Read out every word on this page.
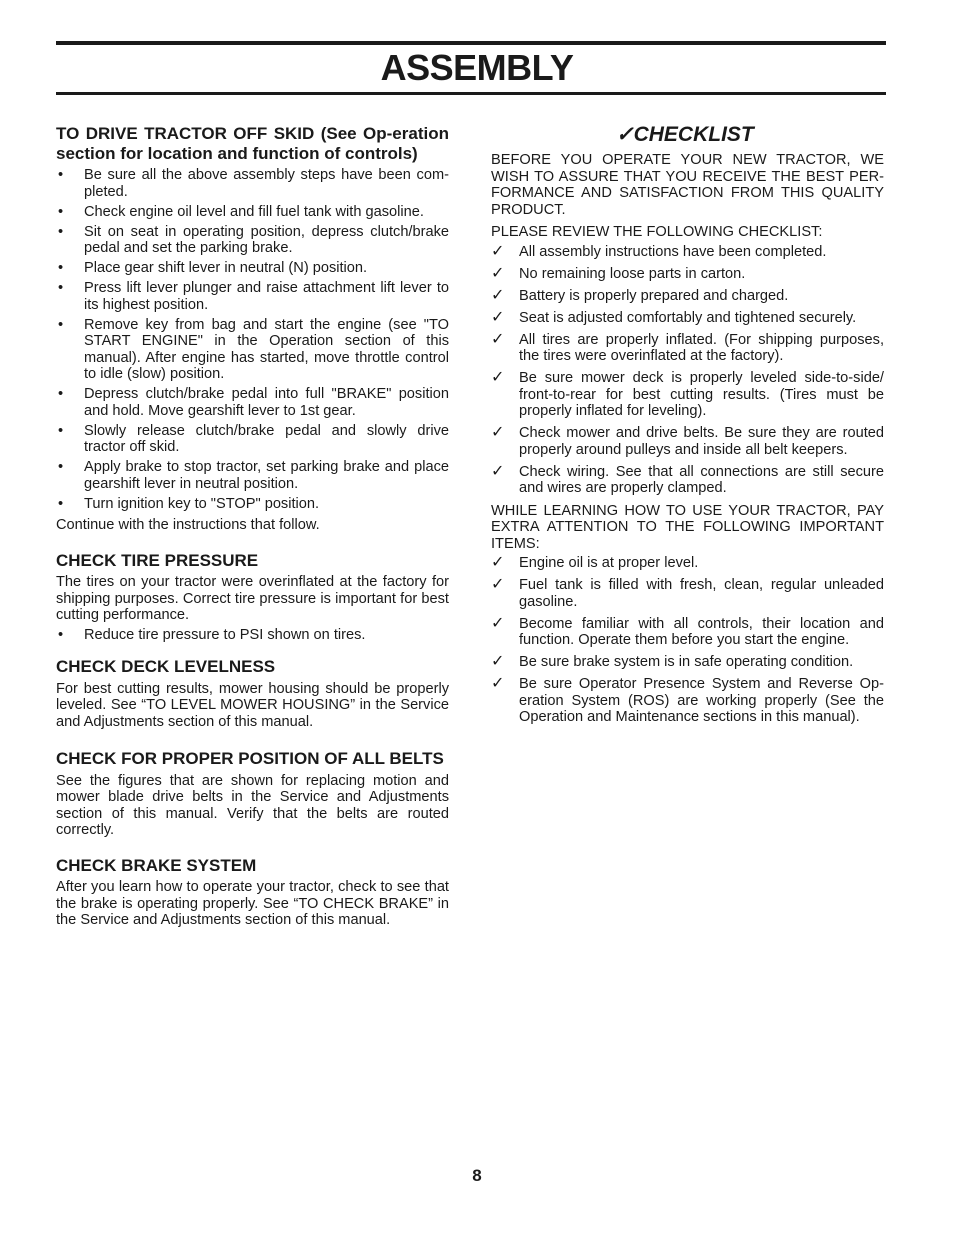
ASSEMBLY
TO DRIVE TRACTOR OFF SKID (See Op-eration section for location and function of controls)
• Be sure all the above assembly steps have been com-pleted.
• Check engine oil level and fill fuel tank with gasoline.
• Sit on seat in operating position, depress clutch/brake pedal and set the parking brake.
• Place gear shift lever in neutral (N) position.
• Press lift lever plunger and raise attachment lift lever to its highest position.
• Remove key from bag and start the engine (see "TO START ENGINE" in the Operation section of this manual). After engine has started, move throttle control to idle (slow) position.
• Depress clutch/brake pedal into full "BRAKE" position and hold. Move gearshift lever to 1st gear.
• Slowly release clutch/brake pedal and slowly drive tractor off skid.
• Apply brake to stop tractor, set parking brake and place gearshift lever in neutral position.
• Turn ignition key to "STOP" position.

Continue with the instructions that follow.

CHECK TIRE PRESSURE

The tires on your tractor were overinflated at the factory for shipping purposes. Correct tire pressure is important for best cutting performance.

• Reduce tire pressure to PSI shown on tires.
CHECK DECK LEVELNESS

For best cutting results, mower housing should be properly leveled. See “TO LEVEL MOWER HOUSING” in the Service and Adjustments section of this manual.

CHECK FOR PROPER POSITION OF ALL BELTS

See the figures that are shown for replacing motion and mower blade drive belts in the Service and Adjustments section of this manual. Verify that the belts are routed correctly.

CHECK BRAKE SYSTEM

After you learn how to operate your tractor, check to see that the brake is operating properly. See “TO CHECK BRAKE” in the Service and Adjustments section of this manual.

✓CHECKLIST

BEFORE YOU OPERATE YOUR NEW TRACTOR, WE WISH TO ASSURE THAT YOU RECEIVE THE BEST PER-FORMANCE AND SATISFACTION FROM THIS QUALITY PRODUCT.

PLEASE REVIEW THE FOLLOWING CHECKLIST:

✓ All assembly instructions have been completed.
✓ No remaining loose parts in carton.
✓ Battery is properly prepared and charged.
✓ Seat is adjusted comfortably and tightened securely.
✓ All tires are properly inflated. (For shipping purposes, the tires were overinflated at the factory).
✓ Be sure mower deck is properly leveled side-to-side/ front-to-rear for best cutting results. (Tires must be properly inflated for leveling).
✓ Check mower and drive belts. Be sure they are routed properly around pulleys and inside all belt keepers.
✓ Check wiring. See that all connections are still secure and wires are properly clamped.

WHILE LEARNING HOW TO USE YOUR TRACTOR, PAY EXTRA ATTENTION TO THE FOLLOWING IMPORTANT ITEMS:

✓ Engine oil is at proper level.
✓ Fuel tank is filled with fresh, clean, regular unleaded gasoline.
✓ Become familiar with all controls, their location and function. Operate them before you start the engine.
✓ Be sure brake system is in safe operating condition.
✓ Be sure Operator Presence System and Reverse Op-eration System (ROS) are working properly (See the Operation and Maintenance sections in this manual).
8
